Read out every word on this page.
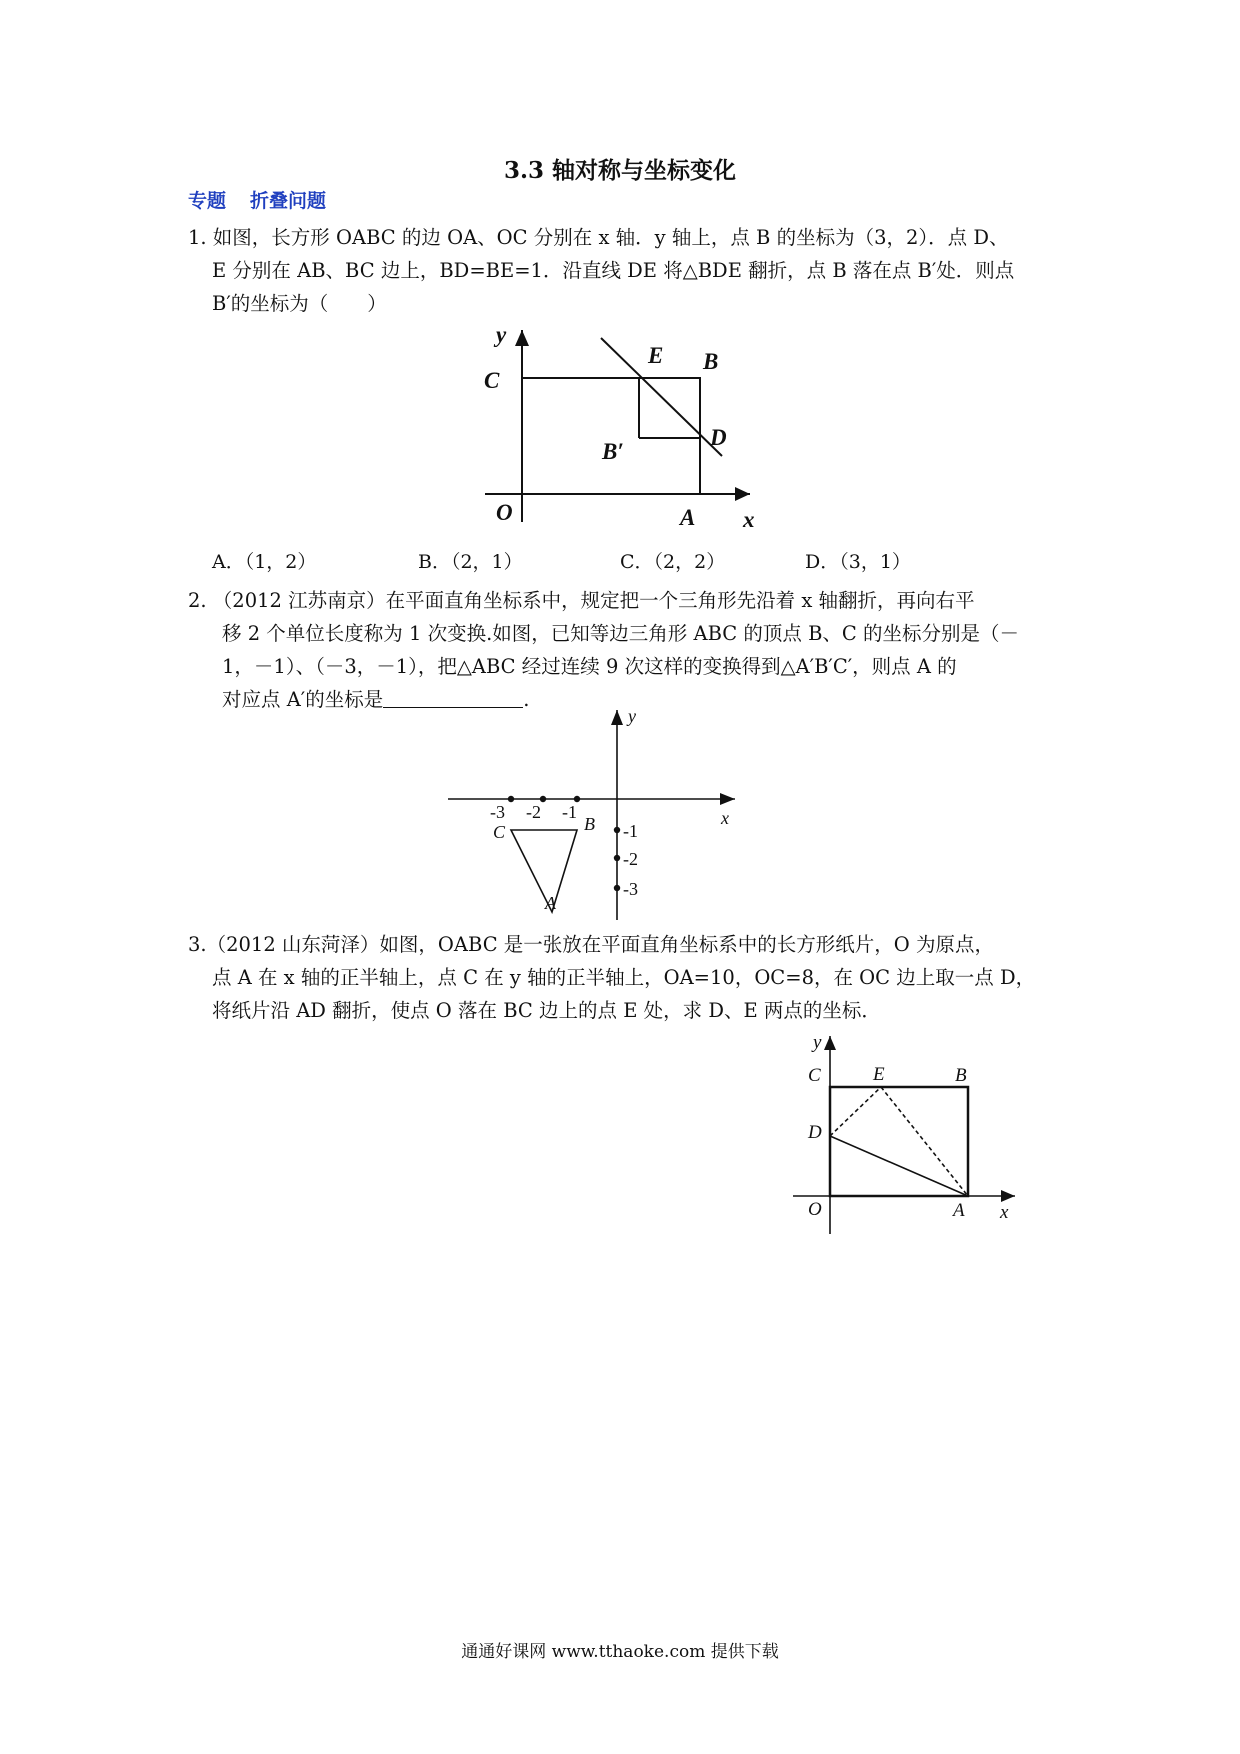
3.3 轴对称与坐标变化
专题 折叠问题
1. 如图，长方形 OABC 的边 OA、OC 分别在 x 轴．y 轴上，点 B 的坐标为（3，2）．点 D、
E 分别在 AB、BC 边上，BD=BE=1．沿直线 DE 将△BDE 翻折，点 B 落在点 B′处．则点
B′的坐标为（　　）
y
C
E B
B′
D
O	A x
A．（1，2）	B．（2，1）	C．（2，2）	D．（3，1）
2. （2012 江苏南京）在平面直角坐标系中，规定把一个三角形先沿着 x 轴翻折，再向右平
移 2 个单位长度称为 1 次变换.如图，已知等边三角形 ABC 的顶点 B、C 的坐标分别是（－
1，－1）、（－3，－1），把△ABC 经过连续 9 次这样的变换得到△A′B′C′，则点 A 的
对应点 A′的坐标是	.
y
x
-3 -2 -1
C	B
A
-1
-2
-3
3.（2012 山东菏泽）如图，OABC 是一张放在平面直角坐标系中的长方形纸片，O 为原点，
点 A 在 x 轴的正半轴上，点 C 在 y 轴的正半轴上，OA=10，OC=8，在 OC 边上取一点 D，
将纸片沿 AD 翻折，使点 O 落在 BC 边上的点 E 处，求 D、E 两点的坐标．
y
C	E	B
D
O	A x
通通好课网 www.tthaoke.com 提供下载
